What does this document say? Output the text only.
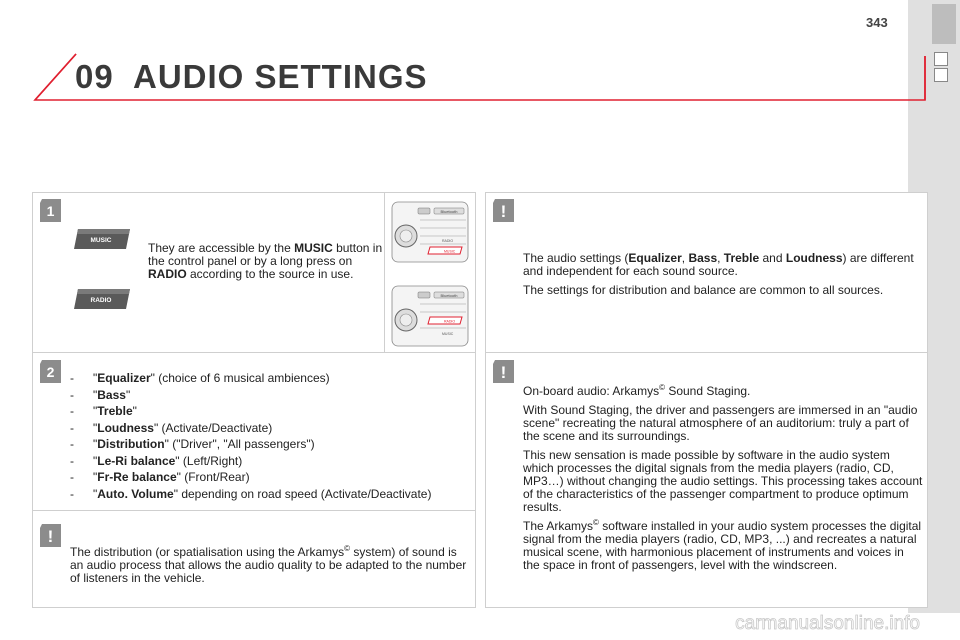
343
09 AUDIO SETTINGS
1
MUSIC
RADIO
They are accessible by the MUSIC button in the control panel or by a long press on RADIO according to the source in use.
Bluetooth
RADIO
MUSIC
Bluetooth
RADIO
MUSIC
2 - "Equalizer" (choice of 6 musical ambiences)
- "Bass"
- "Treble"
- "Loudness" (Activate/Deactivate)
- "Distribution" ("Driver", "All passengers")
- "Le-Ri balance" (Left/Right)
- "Fr-Re balance" (Front/Rear)
- "Auto. Volume" depending on road speed (Activate/Deactivate)
!
The distribution (or spatialisation using the Arkamys© system) of sound is an audio process that allows the audio quality to be adapted to the number of listeners in the vehicle.
!

The audio settings (Equalizer, Bass, Treble and Loudness) are different and independent for each sound source.

The settings for distribution and balance are common to all sources.

!

On-board audio: Arkamys© Sound Staging.

With Sound Staging, the driver and passengers are immersed in an "audio scene" recreating the natural atmosphere of an auditorium: truly a part of the scene and its surroundings.

This new sensation is made possible by software in the audio system which processes the digital signals from the media players (radio, CD, MP3…) without changing the audio settings. This processing takes account of the characteristics of the passenger compartment to produce optimum results.

The Arkamys© software installed in your audio system processes the digital signal from the media players (radio, CD, MP3, ...) and recreates a natural musical scene, with harmonious placement of instruments and voices in the space in front of passengers, level with the windscreen.

carmanualsonline.info
